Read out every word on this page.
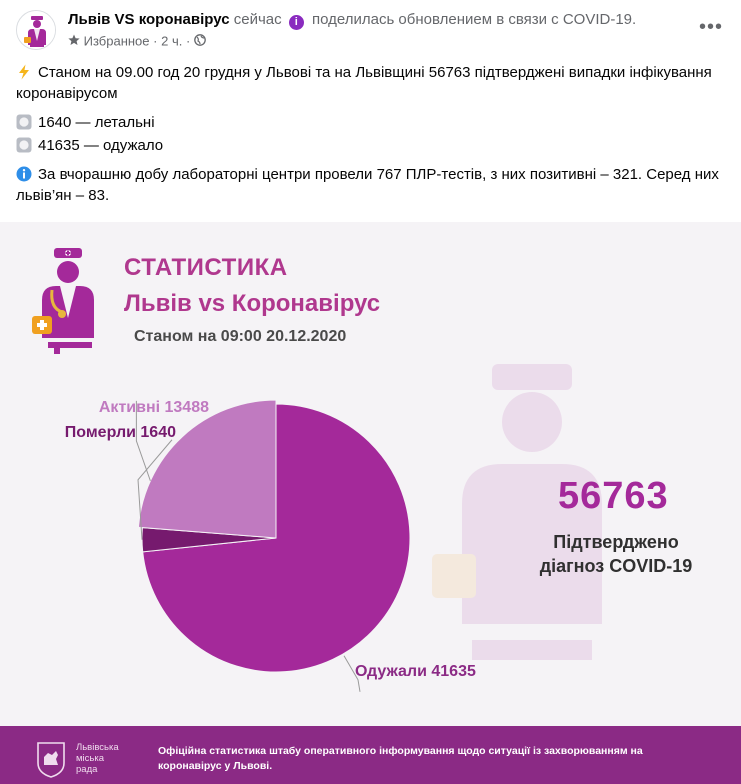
Львів VS коронавірус сейчас i поделилась обновлением в связи с COVID-19.
Избранное · 2 ч. ·
•••

Станом на 09.00 год 20 грудня у Львові та на Львівщині 56763 підтверджені випадки інфікування коронавірусом

1640 — летальні

41635 — одужало

За вчорашню добу лабораторні центри провели 767 ПЛР-тестів, з них позитивні – 321. Серед них львів’ян – 83.

СТАТИСТИКА
Львів vs Коронавірус
Станом на 09:00 20.12.2020
Одужали 41635
Активні 13488
Померли 1640
56763
Підтверджено
діагноз COVID-19
Львівська
міська
рада
Офіційна статистика штабу оперативного інформування щодо ситуації із захворюванням на коронавірус у Львові.
